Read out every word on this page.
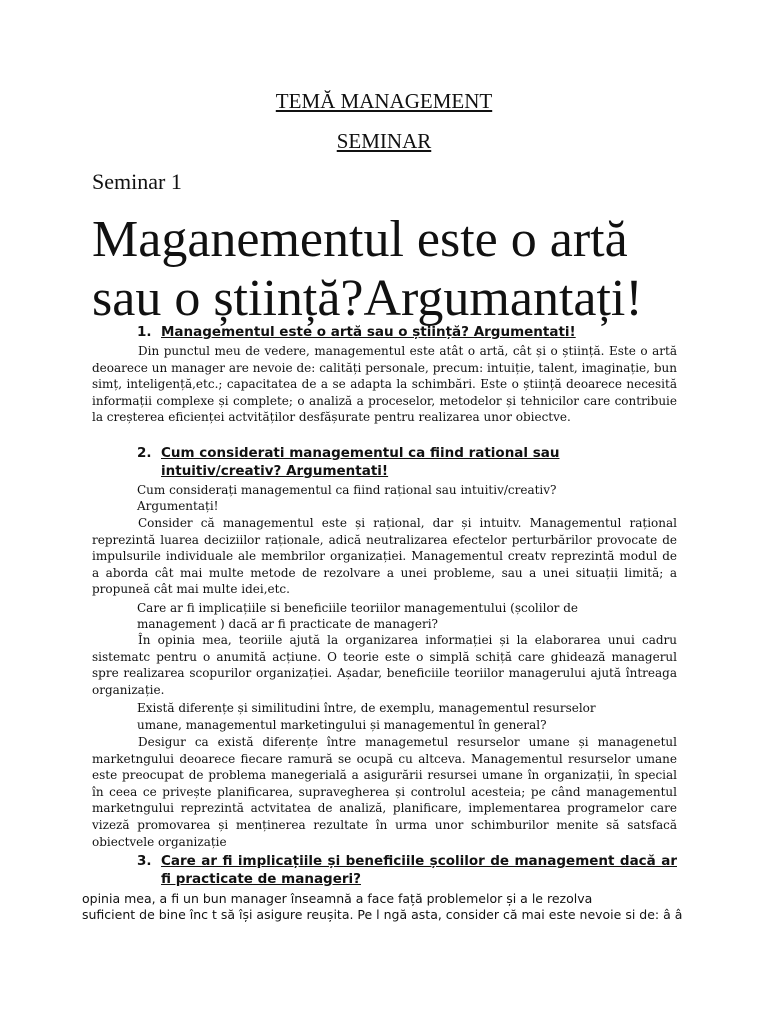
TEMĂ MANAGEMENT

SEMINAR

Seminar 1

Maganementul este o artă

sau o știință?Argumantați!

1. Managementul este o artă sau o știință? Argumentati!

Din punctul meu de vedere, managementul este atât o artă, cât și o știință. Este o artă deoarece un manager are nevoie de: calități personale, precum: intuiție, talent, imaginație, bun simț, inteligență,etc.; capacitatea de a se adapta la schimbări. Este o știință deoarece necesită informații complexe și complete; o analiză a proceselor, metodelor și tehnicilor care contribuie la creșterea eficienței actvităților desfășurate pentru realizarea unor obiectve.

2. Cum considerati managementul ca fiind rational sau intuitiv/creativ? Argumentati!

Cum considerați managementul ca fiind rațional sau intuitiv/creativ?

Argumentați!

Consider că managementul este și rațional, dar și intuitv. Managementul rațional reprezintă luarea deciziilor raționale, adică neutralizarea efectelor perturbărilor provocate de impulsurile individuale ale membrilor organizației. Managementul creatv reprezintă modul de a aborda cât mai multe metode de rezolvare a unei probleme, sau a unei situații limită; a propuneă cât mai multe idei,etc.

Care ar fi implicațiile si beneficiile teoriilor managementului (școlilor de

management ) dacă ar fi practicate de manageri?

În opinia mea, teoriile ajută la organizarea informației și la elaborarea unui cadru sistematc pentru o anumită acțiune. O teorie este o simplă schiță care ghidează managerul spre realizarea scopurilor organizației. Așadar, beneficiile teoriilor managerului ajută întreaga organizație.

Există diferențe și similitudini între, de exemplu, managementul resurselor

umane, managementul marketingului și managementul în general?

Desigur ca există diferențe între managemetul resurselor umane și managenetul marketngului deoarece fiecare ramură se ocupă cu altceva. Managementul resurselor umane este preocupat de problema manegerială a asigurării resursei umane în organizații, în special în ceea ce privește planificarea, supravegherea și controlul acesteia; pe când managementul marketngului reprezintă actvitatea de analiză, planificare, implementarea programelor care vizeză promovarea și menținerea rezultate în urma unor schimburilor menite să satsfacă obiectvele organizație

3. Care ar fi implicațiile și beneficiile școlilor de management dacă ar fi practicate de manageri?

opinia mea, a fi un bun manager înseamnă a face față problemelor și a le rezolva

suficient de bine înc t să își asigure reușita. Pe l ngă asta, consider că mai este nevoie si de: â â
